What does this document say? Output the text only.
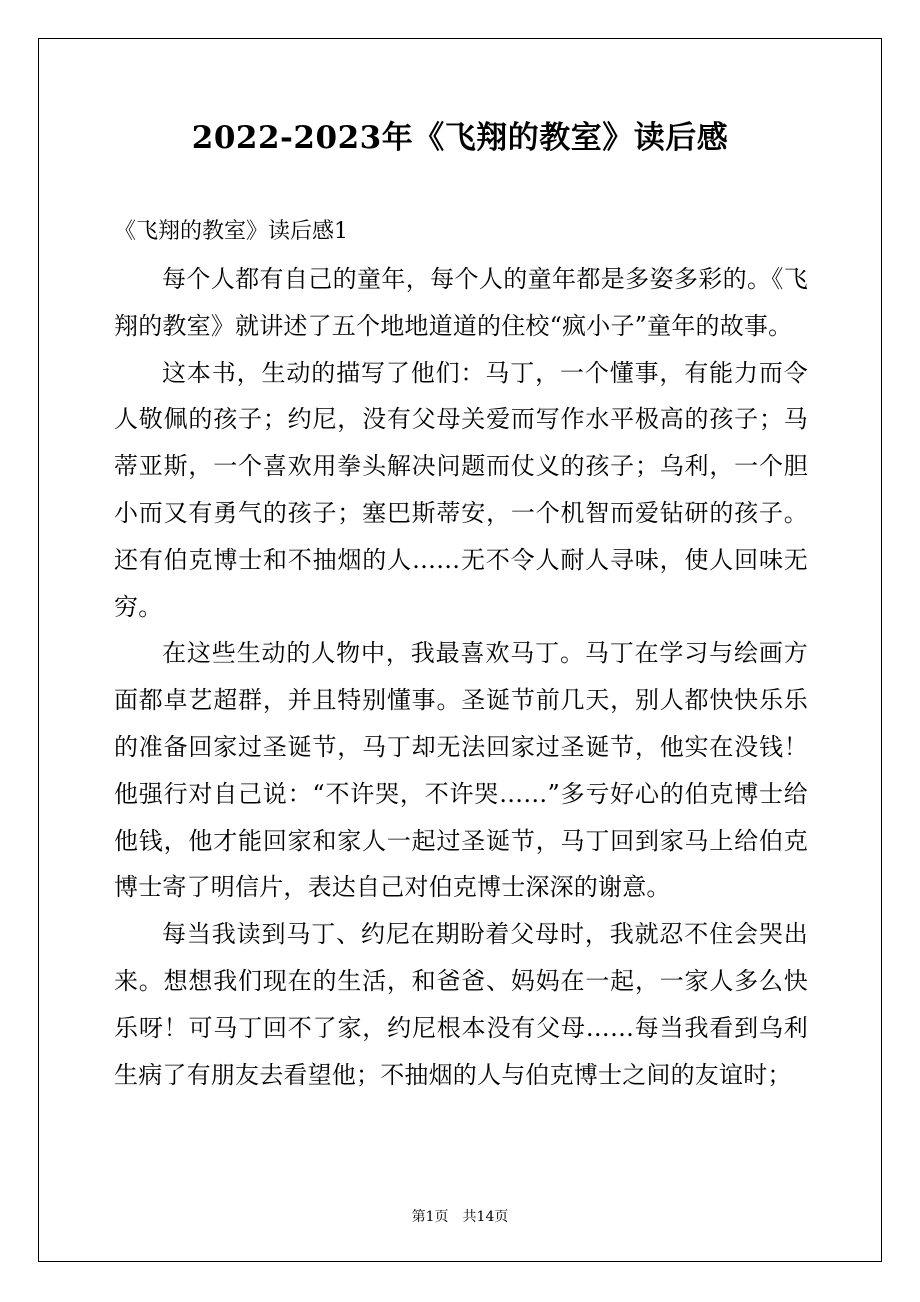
2022-2023年《飞翔的教室》读后感
《飞翔的教室》读后感1

每个人都有自己的童年，每个人的童年都是多姿多彩的。《飞翔的教室》就讲述了五个地地道道的住校“疯小子”童年的故事。

这本书，生动的描写了他们：马丁，一个懂事，有能力而令人敬佩的孩子；约尼，没有父母关爱而写作水平极高的孩子；马蒂亚斯，一个喜欢用拳头解决问题而仗义的孩子；乌利，一个胆小而又有勇气的孩子；塞巴斯蒂安，一个机智而爱钻研的孩子。还有伯克博士和不抽烟的人……无不令人耐人寻味，使人回味无穷。

在这些生动的人物中，我最喜欢马丁。马丁在学习与绘画方面都卓艺超群，并且特别懂事。圣诞节前几天，别人都快快乐乐的准备回家过圣诞节，马丁却无法回家过圣诞节，他实在没钱！他强行对自己说：“不许哭，不许哭……”多亏好心的伯克博士给他钱，他才能回家和家人一起过圣诞节，马丁回到家马上给伯克博士寄了明信片，表达自己对伯克博士深深的谢意。

每当我读到马丁、约尼在期盼着父母时，我就忍不住会哭出来。想想我们现在的生活，和爸爸、妈妈在一起，一家人多么快乐呀！可马丁回不了家，约尼根本没有父母……每当我看到乌利生病了有朋友去看望他；不抽烟的人与伯克博士之间的友谊时；

第1页　共14页
